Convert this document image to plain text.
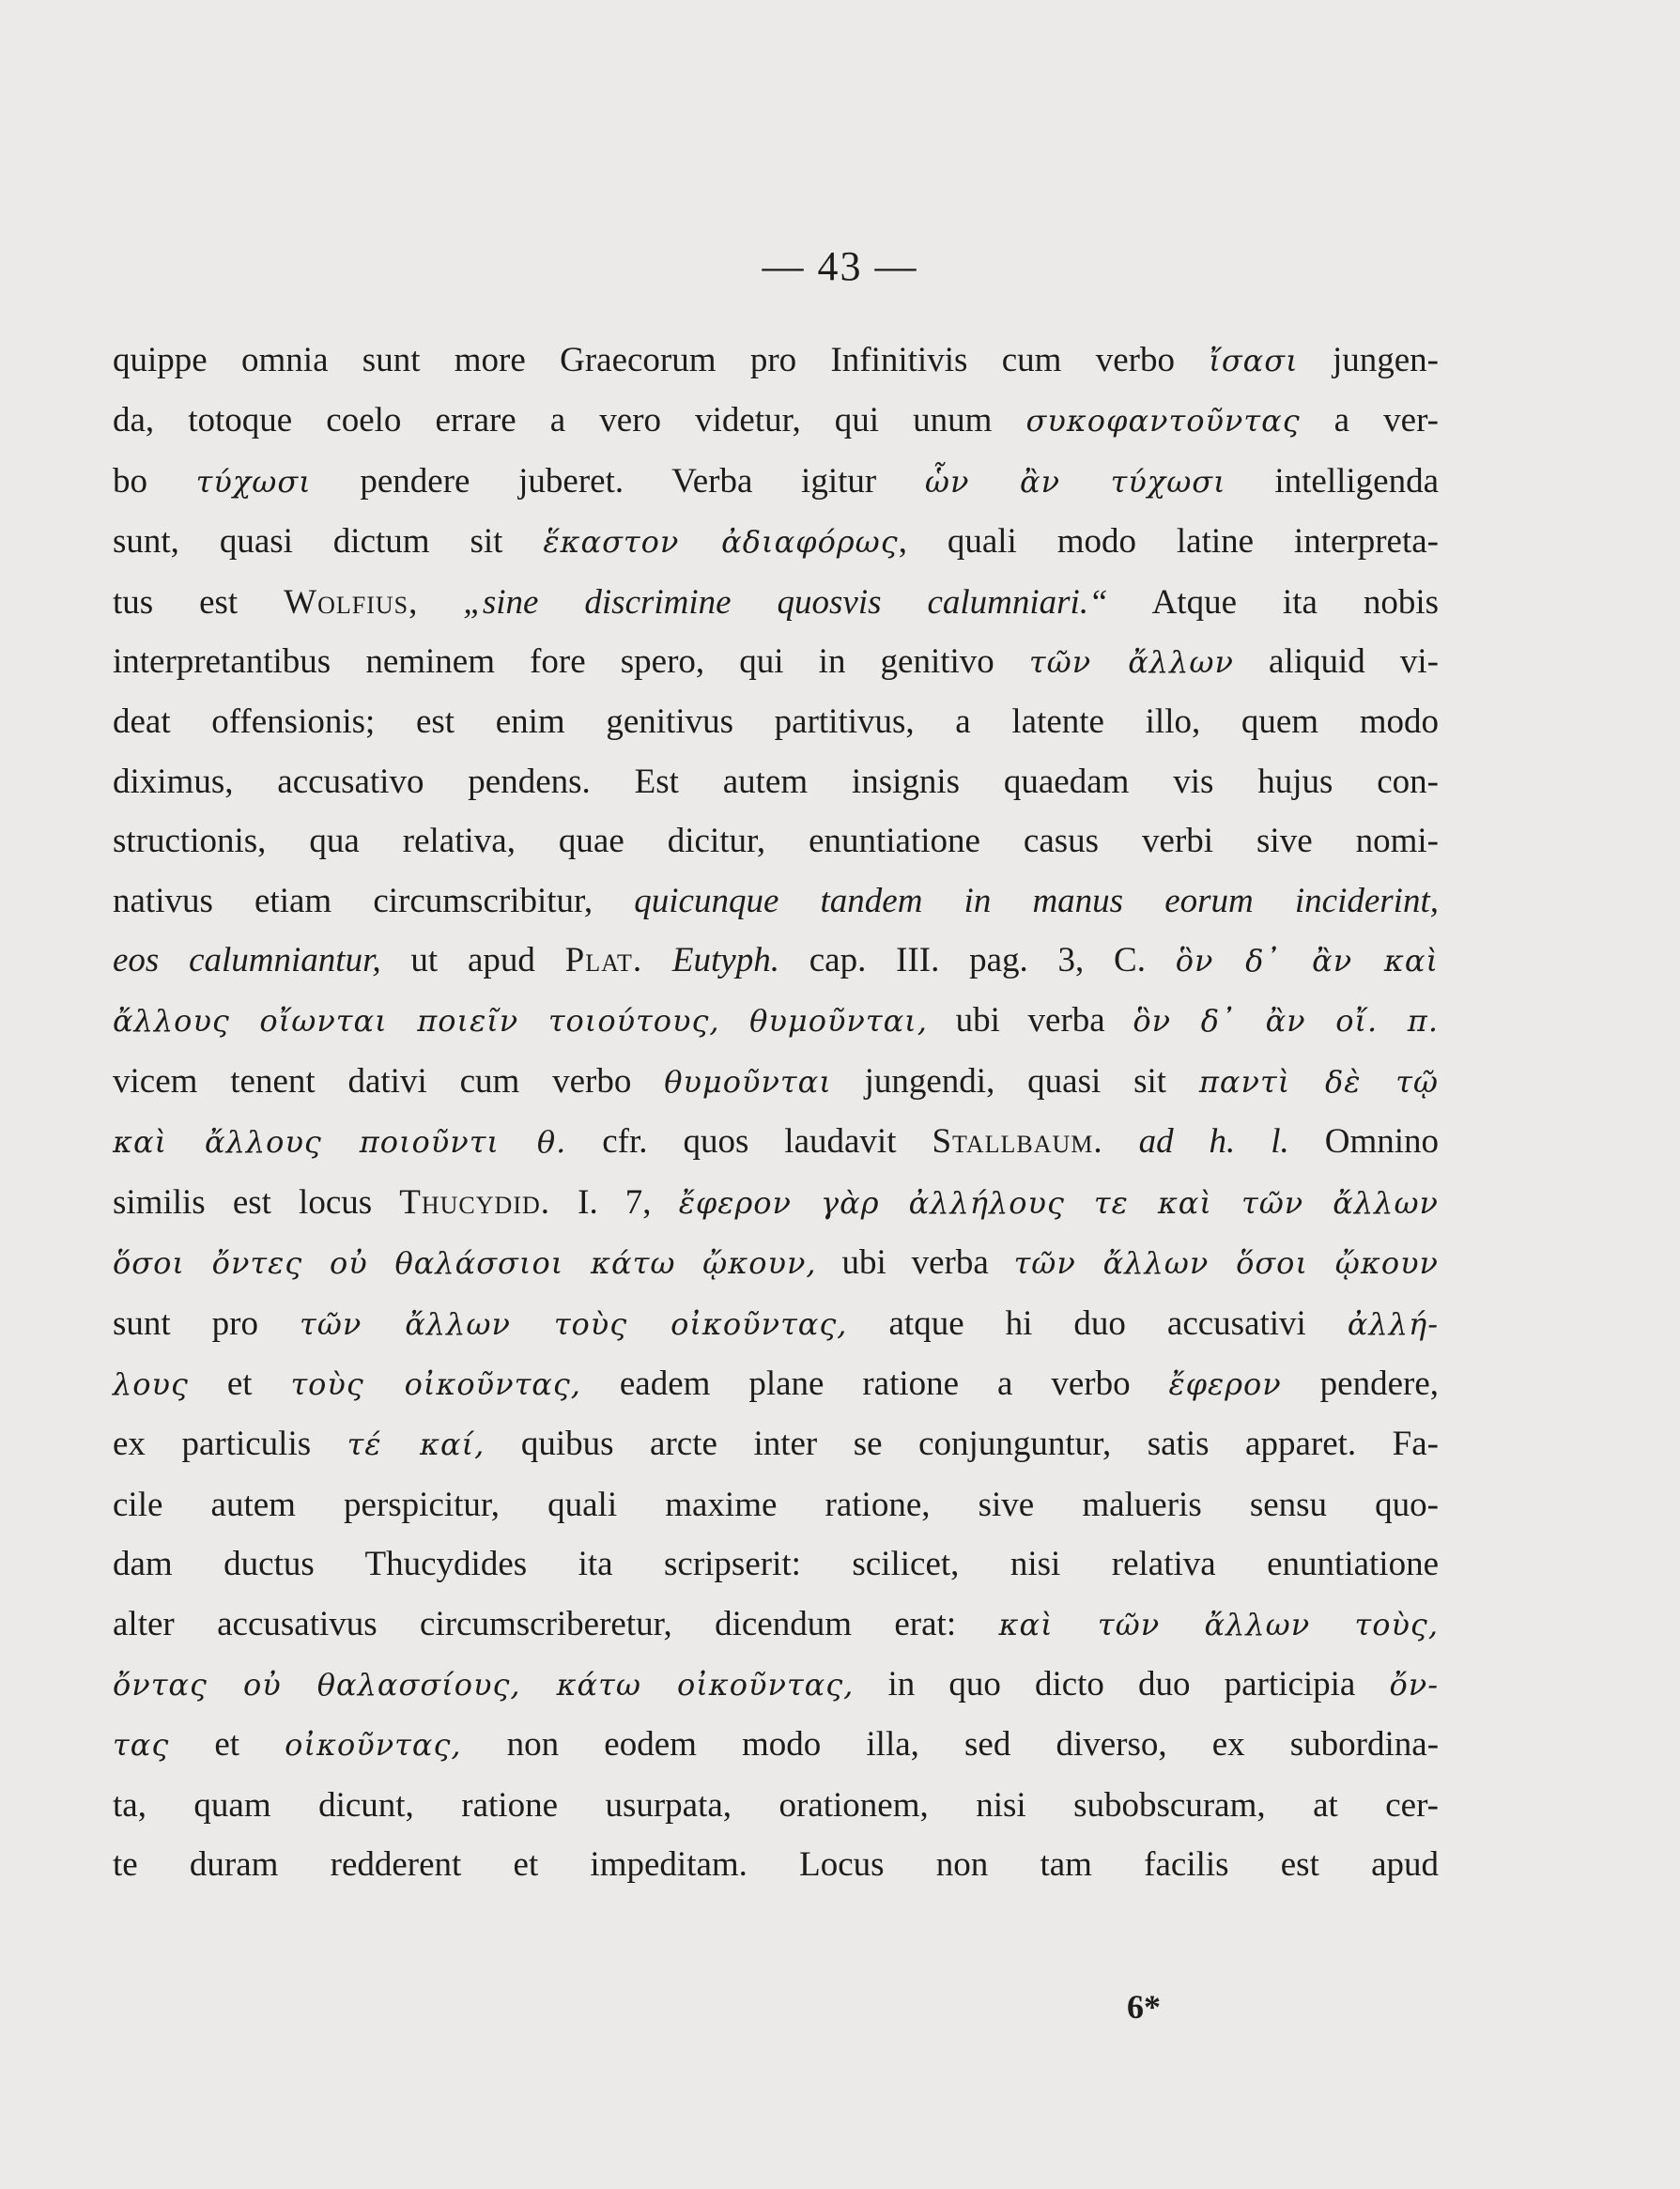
— 43 —
quippe omnia sunt more Graecorum pro Infinitivis cum verbo ἴσασι jungen-
da, totoque coelo errare a vero videtur, qui unum συκοφαντοῦντας a ver-
bo τύχωσι pendere juberet. Verba igitur ὧν ἂν τύχωσι intelligenda
sunt, quasi dictum sit ἕκαστον ἀδιαφόρως, quali modo latine interpreta-
tus est Wolfius, „sine discrimine quosvis calumniari.“ Atque ita nobis
interpretantibus neminem fore spero, qui in genitivo τῶν ἄλλων aliquid vi-
deat offensionis; est enim genitivus partitivus, a latente illo, quem modo
diximus, accusativo pendens. Est autem insignis quaedam vis hujus con-
structionis, qua relativa, quae dicitur, enuntiatione casus verbi sive nomi-
nativus etiam circumscribitur, quicunque tandem in manus eorum inciderint,
eos calumniantur, ut apud Plat. Eutyph. cap. III. pag. 3, C. ὃν δ᾽ ἂν καὶ
ἄλλους οἴωνται ποιεῖν τοιούτους, θυμοῦνται, ubi verba ὃν δ᾽ ἂν οἴ. π.
vicem tenent dativi cum verbo θυμοῦνται jungendi, quasi sit παντὶ δὲ τῷ
καὶ ἄλλους ποιοῦντι θ. cfr. quos laudavit Stallbaum. ad h. l. Omnino
similis est locus Thucydid. I. 7, ἔφερον γὰρ ἀλλήλους τε καὶ τῶν ἄλλων
ὅσοι ὄντες οὐ θαλάσσιοι κάτω ᾤκουν, ubi verba τῶν ἄλλων ὅσοι ᾤκουν
sunt pro τῶν ἄλλων τοὺς οἰκοῦντας, atque hi duo accusativi ἀλλή-
λους et τοὺς οἰκοῦντας, eadem plane ratione a verbo ἔφερον pendere,
ex particulis τέ καί, quibus arcte inter se conjunguntur, satis apparet. Fa-
cile autem perspicitur, quali maxime ratione, sive malueris sensu quo-
dam ductus Thucydides ita scripserit: scilicet, nisi relativa enuntiatione
alter accusativus circumscriberetur, dicendum erat: καὶ τῶν ἄλλων τοὺς,
ὄντας οὐ θαλασσίους, κάτω οἰκοῦντας, in quo dicto duo participia ὄν-
τας et οἰκοῦντας, non eodem modo illa, sed diverso, ex subordina-
ta, quam dicunt, ratione usurpata, orationem, nisi subobscuram, at cer-
te duram redderent et impeditam. Locus non tam facilis est apud
6*
